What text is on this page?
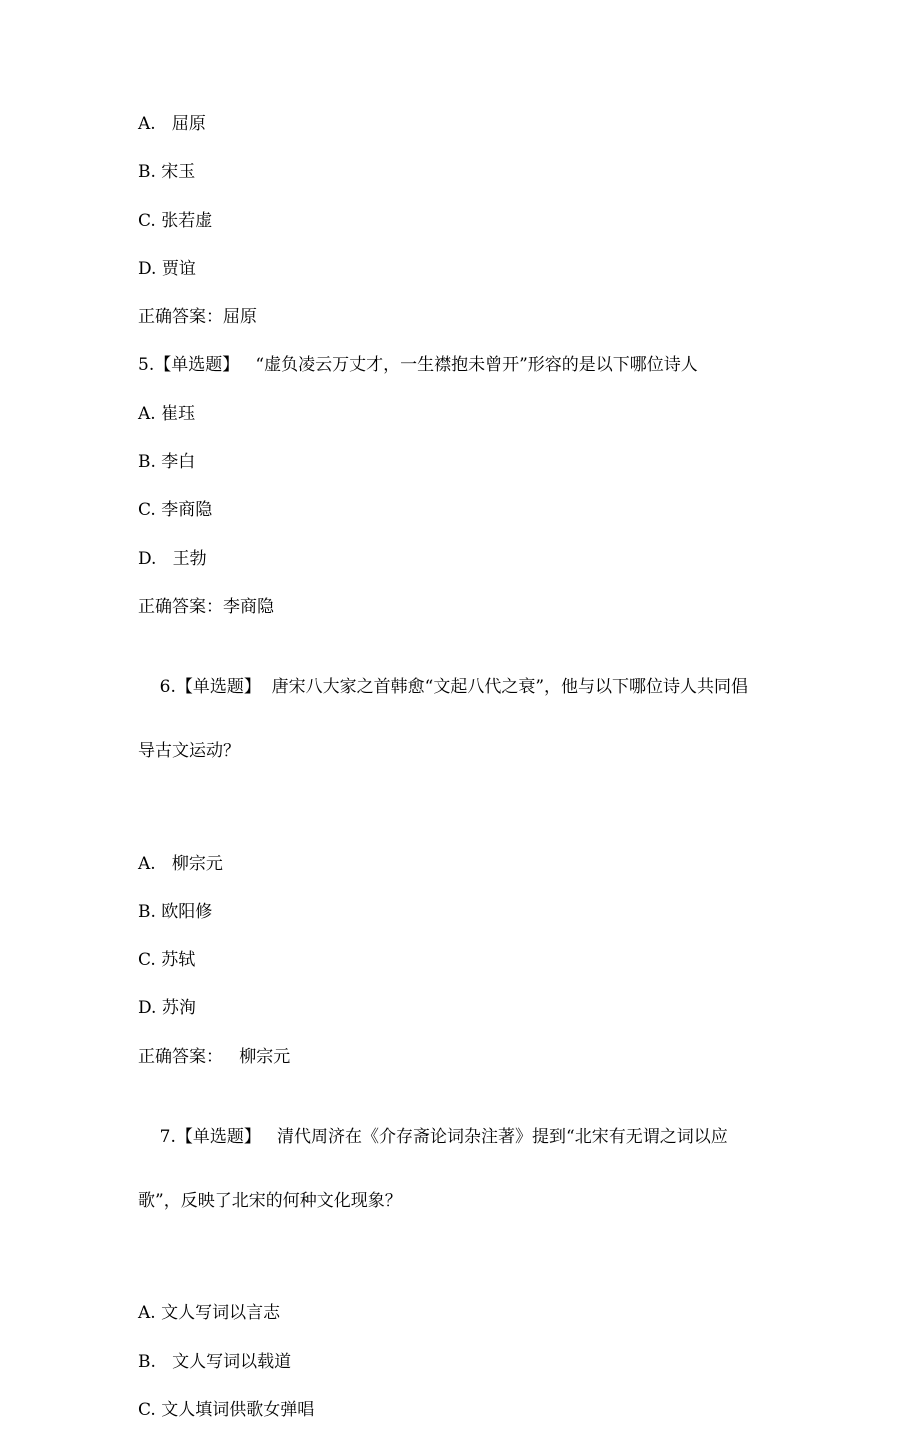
A.   屈原
B. 宋玉
C. 张若虚
D. 贾谊
正确答案：屈原
5.【单选题】   “虚负凌云万丈才，一生襟抱未曾开”形容的是以下哪位诗人
A. 崔珏
B. 李白
C. 李商隐
D.   王勃
正确答案：李商隐

6.【单选题】  唐宋八大家之首韩愈“文起八代之衰”，他与以下哪位诗人共同倡

导古文运动？

A.   柳宗元
B. 欧阳修
C. 苏轼
D. 苏洵
正确答案：   柳宗元

7.【单选题】   清代周济在《介存斋论词杂注著》提到“北宋有无谓之词以应

歌”，反映了北宋的何种文化现象？

A. 文人写词以言志
B.   文人写词以载道
C. 文人填词供歌女弹唱
